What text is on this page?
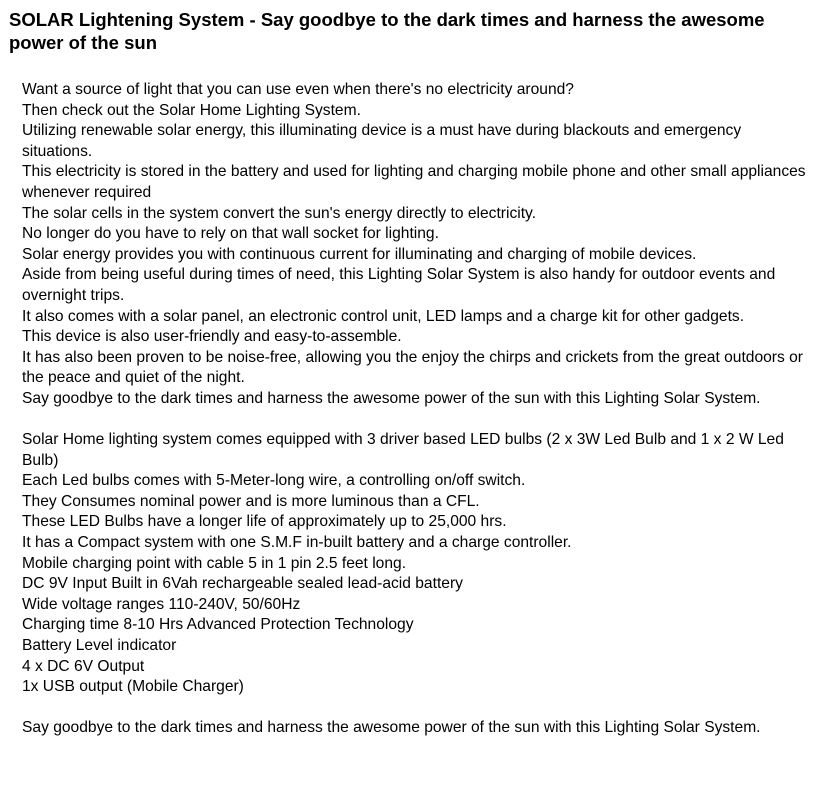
SOLAR Lightening System - Say goodbye to the dark times and harness the awesome power of the sun
Want a source of light that you can use even when there's no electricity around?
Then check out the Solar Home Lighting System.
Utilizing renewable solar energy, this illuminating device is a must have during blackouts and emergency situations.
This electricity is stored in the battery and used for lighting and charging mobile phone and other small appliances whenever required
The solar cells in the system convert the sun's energy directly to electricity.
No longer do you have to rely on that wall socket for lighting.
Solar energy provides you with continuous current for illuminating and charging of mobile devices.
Aside from being useful during times of need, this Lighting Solar System is also handy for outdoor events and overnight trips.
It also comes with a solar panel, an electronic control unit, LED lamps and a charge kit for other gadgets.
This device is also user-friendly and easy-to-assemble.
It has also been proven to be noise-free, allowing you the enjoy the chirps and crickets from the great outdoors or the peace and quiet of the night.
Say goodbye to the dark times and harness the awesome power of the sun with this Lighting Solar System.
Solar Home lighting system comes equipped with 3 driver based LED bulbs (2 x 3W Led Bulb and 1 x 2 W Led Bulb)
Each Led bulbs comes with 5-Meter-long wire, a controlling on/off switch.
They Consumes nominal power and is more luminous than a CFL.
These LED Bulbs have a longer life of approximately up to 25,000 hrs.
It has a Compact system with one S.M.F in-built battery and a charge controller.
Mobile charging point with cable 5 in 1 pin 2.5 feet long.
DC 9V Input Built in 6Vah rechargeable sealed lead-acid battery
Wide voltage ranges 110-240V, 50/60Hz
Charging time 8-10 Hrs Advanced Protection Technology
Battery Level indicator
4 x DC 6V Output
1x USB output (Mobile Charger)
Say goodbye to the dark times and harness the awesome power of the sun with this Lighting Solar System.
